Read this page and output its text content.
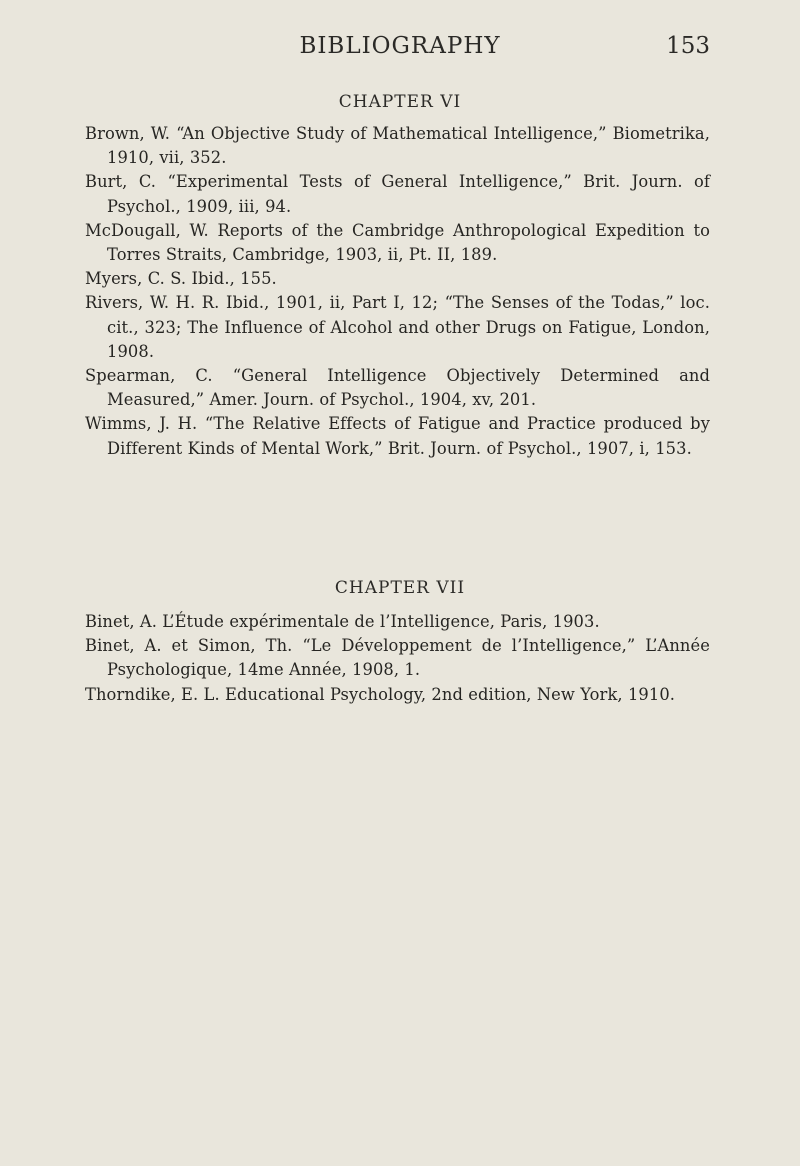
BIBLIOGRAPHY	153
CHAPTER VI
Brown, W. “An Objective Study of Mathematical Intelligence,” Biometrika, 1910, vii, 352.
Burt, C. “Experimental Tests of General Intelligence,” Brit. Journ. of Psychol., 1909, iii, 94.
McDougall, W. Reports of the Cambridge Anthropological Expedition to Torres Straits, Cambridge, 1903, ii, Pt. II, 189.
Myers, C. S. Ibid., 155.
Rivers, W. H. R. Ibid., 1901, ii, Part I, 12; “The Senses of the Todas,” loc. cit., 323; The Influence of Alcohol and other Drugs on Fatigue, London, 1908.
Spearman, C. “General Intelligence Objectively Determined and Measured,” Amer. Journ. of Psychol., 1904, xv, 201.
Wimms, J. H. “The Relative Effects of Fatigue and Practice produced by Different Kinds of Mental Work,” Brit. Journ. of Psychol., 1907, i, 153.
CHAPTER VII
Binet, A. L’Étude expérimentale de l’Intelligence, Paris, 1903.
Binet, A. et Simon, Th. “Le Développement de l’Intelligence,” L’Année Psychologique, 14me Année, 1908, 1.
Thorndike, E. L. Educational Psychology, 2nd edition, New York, 1910.
